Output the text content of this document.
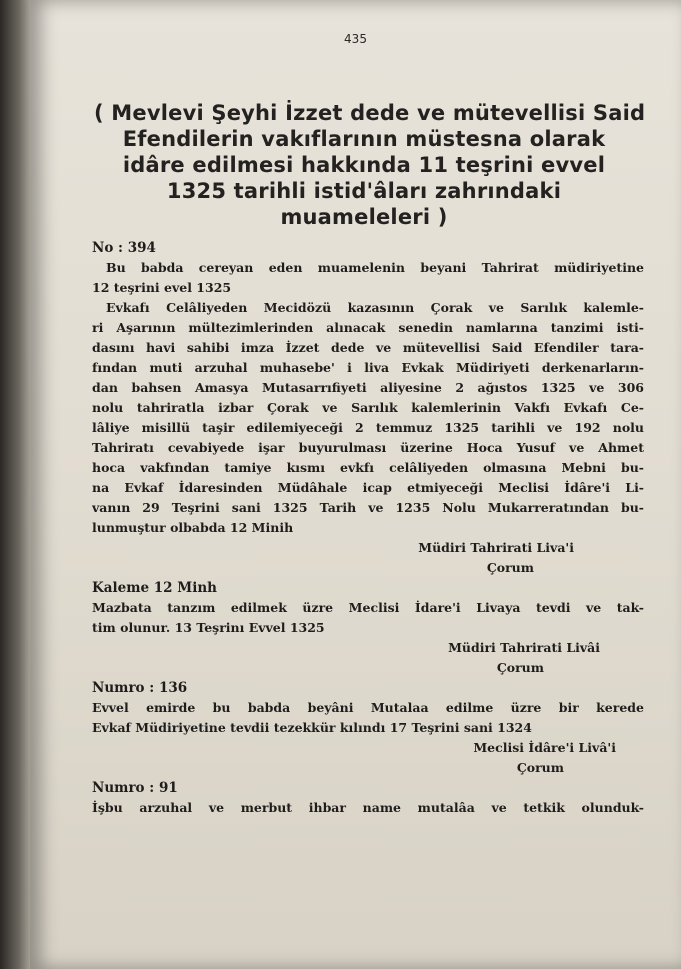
435
( Mevlevi Şeyhi İzzet dede ve mütevellisi Said
Efendilerin vakıflarının müstesna olarak
idâre edilmesi hakkında 11 teşrini evvel
1325 tarihli istid'âları zahrındaki
muameleleri )
No : 394
Bu babda cereyan eden muamelenin beyani Tahrirat müdiriyetine
12 teşrini evel 1325
Evkafı Celâliyeden Mecidözü kazasının Çorak ve Sarılık kalemle-
ri Aşarının mültezimlerinden alınacak senedin namlarına tanzimi isti-
dasını havi sahibi imza İzzet dede ve mütevellisi Said Efendiler tara-
fından muti arzuhal muhasebe' i liva Evkak Müdiriyeti derkenarların-
dan bahsen Amasya Mutasarrıfiyeti aliyesine 2 ağıstos 1325 ve 306
nolu tahriratla izbar Çorak ve Sarılık kalemlerinin Vakfı Evkafı Ce-
lâliye misillü taşir edilemiyeceği 2 temmuz 1325 tarihli ve 192 nolu
Tahriratı cevabiyede işar buyurulması üzerine Hoca Yusuf ve Ahmet
hoca vakfından tamiye kısmı evkfı celâliyeden olmasına Mebni bu-
na Evkaf İdaresinden Müdâhale icap etmiyeceği Meclisi İdâre'i Li-
vanın 29 Teşrini sani 1325 Tarih ve 1235 Nolu Mukarreratından bu-
lunmuştur olbabda 12 Minih
Müdiri Tahrirati Liva'i
Çorum
Kaleme 12 Minh
Mazbata tanzım edilmek üzre Meclisi İdare'i Livaya tevdi ve tak-
tim olunur. 13 Teşrinı Evvel 1325
Müdiri Tahrirati Livâi
Çorum
Numro : 136
Evvel emirde bu babda beyâni Mutalaa edilme üzre bir kerede
Evkaf Müdiriyetine tevdii tezekkür kılındı 17 Teşrini sani 1324
Meclisi İdâre'i Livâ'i
Çorum
Numro : 91
İşbu arzuhal ve merbut ihbar name mutalâa ve tetkik olunduk-
